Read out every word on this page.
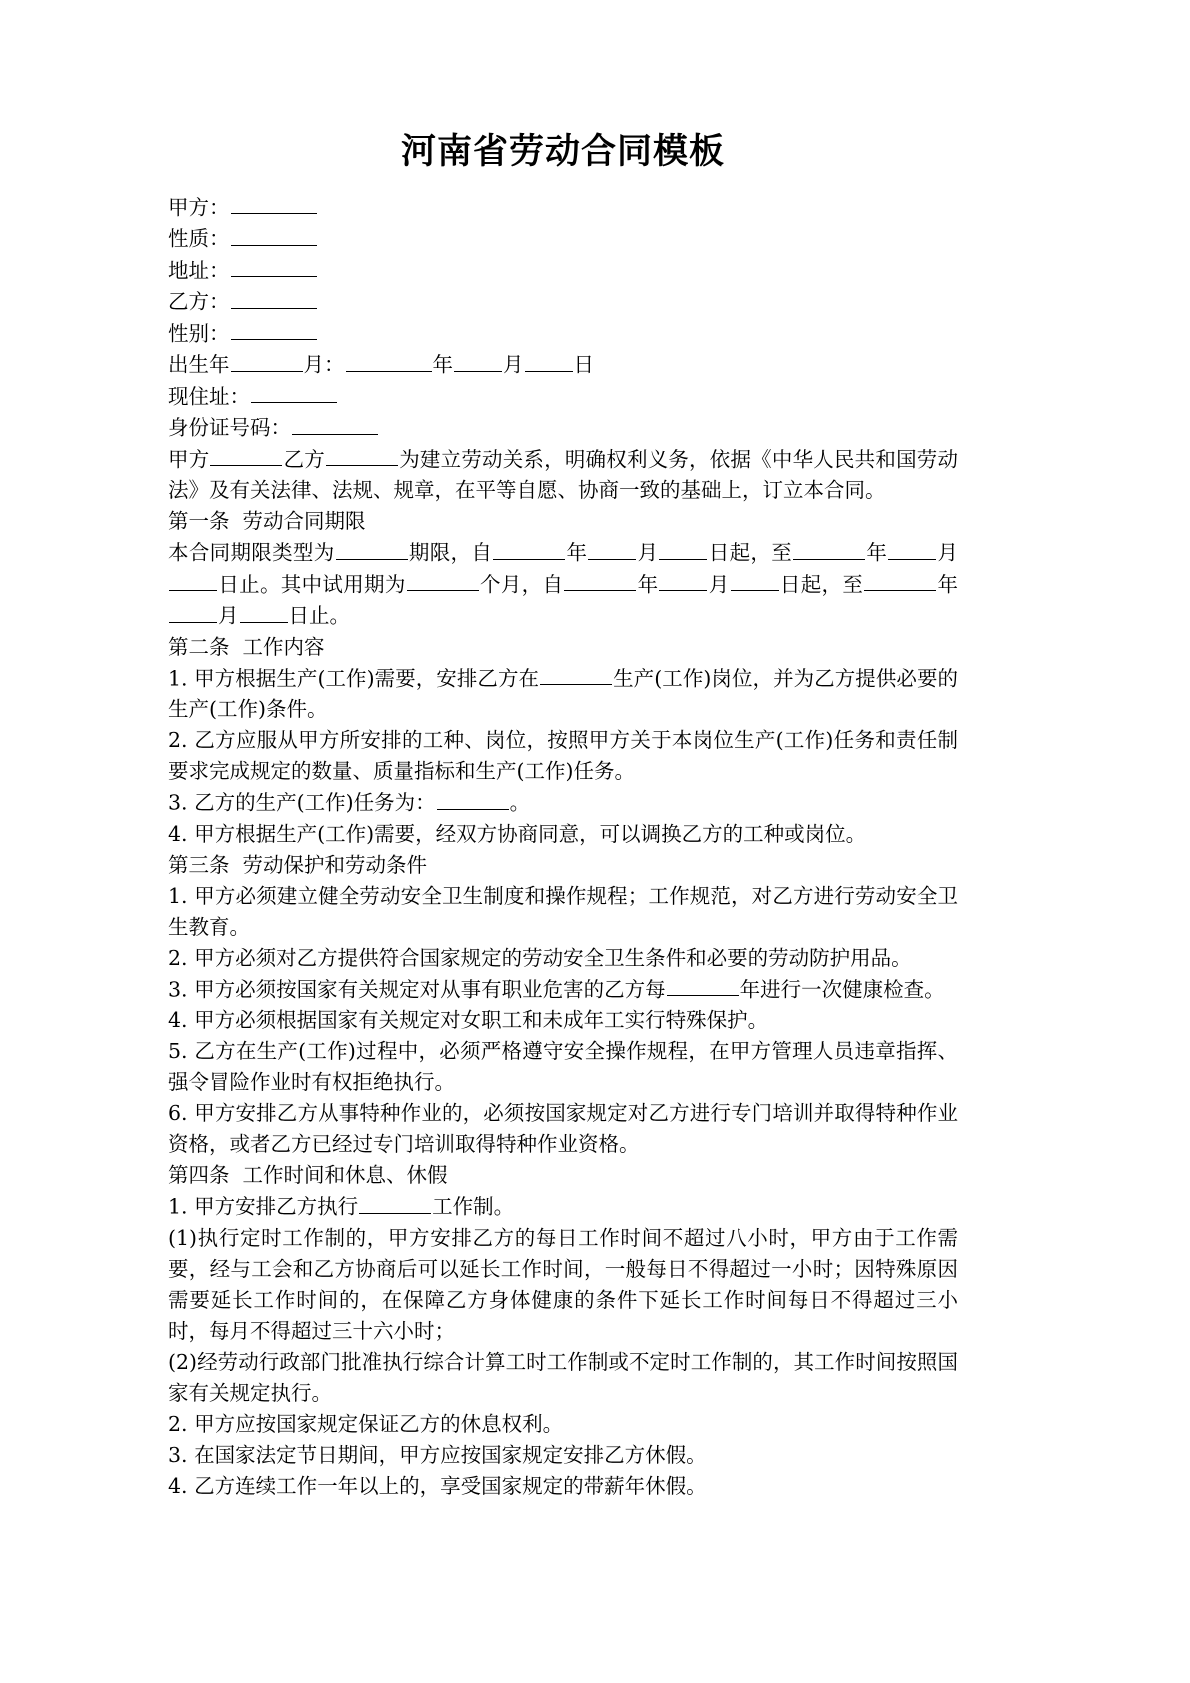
河南省劳动合同模板

甲方：

性质：

地址：

乙方：

性别：

出生年	月：	年 月 日

现住址：

身份证号码：

甲方	乙方	为建立劳动关系，明确权利义务，依据《中华人民共和国劳动法》及有关法律、法规、规章，在平等自愿、协商一致的基础上，订立本合同。

第一条  劳动合同期限

本合同期限类型为	期限，自	年 月 日起，至	年 月日止。其中试用期为	个月，自	年 月 日起，至	年月 日止。

第二条  工作内容

1. 甲方根据生产(工作)需要，安排乙方在	生产(工作)岗位，并为乙方提供必要的生产(工作)条件。

2. 乙方应服从甲方所安排的工种、岗位，按照甲方关于本岗位生产(工作)任务和责任制要求完成规定的数量、质量指标和生产(工作)任务。

3. 乙方的生产(工作)任务为：	。

4. 甲方根据生产(工作)需要，经双方协商同意，可以调换乙方的工种或岗位。

第三条  劳动保护和劳动条件

1. 甲方必须建立健全劳动安全卫生制度和操作规程；工作规范，对乙方进行劳动安全卫生教育。

2. 甲方必须对乙方提供符合国家规定的劳动安全卫生条件和必要的劳动防护用品。

3. 甲方必须按国家有关规定对从事有职业危害的乙方每	年进行一次健康检查。

4. 甲方必须根据国家有关规定对女职工和未成年工实行特殊保护。

5. 乙方在生产(工作)过程中，必须严格遵守安全操作规程，在甲方管理人员违章指挥、强令冒险作业时有权拒绝执行。

6. 甲方安排乙方从事特种作业的，必须按国家规定对乙方进行专门培训并取得特种作业资格，或者乙方已经过专门培训取得特种作业资格。

第四条  工作时间和休息、休假

1. 甲方安排乙方执行	工作制。

(1)执行定时工作制的，甲方安排乙方的每日工作时间不超过八小时，甲方由于工作需要，经与工会和乙方协商后可以延长工作时间，一般每日不得超过一小时；因特殊原因需要延长工作时间的，在保障乙方身体健康的条件下延长工作时间每日不得超过三小时，每月不得超过三十六小时；

(2)经劳动行政部门批准执行综合计算工时工作制或不定时工作制的，其工作时间按照国家有关规定执行。

2. 甲方应按国家规定保证乙方的休息权利。

3. 在国家法定节日期间，甲方应按国家规定安排乙方休假。

4. 乙方连续工作一年以上的，享受国家规定的带薪年休假。
